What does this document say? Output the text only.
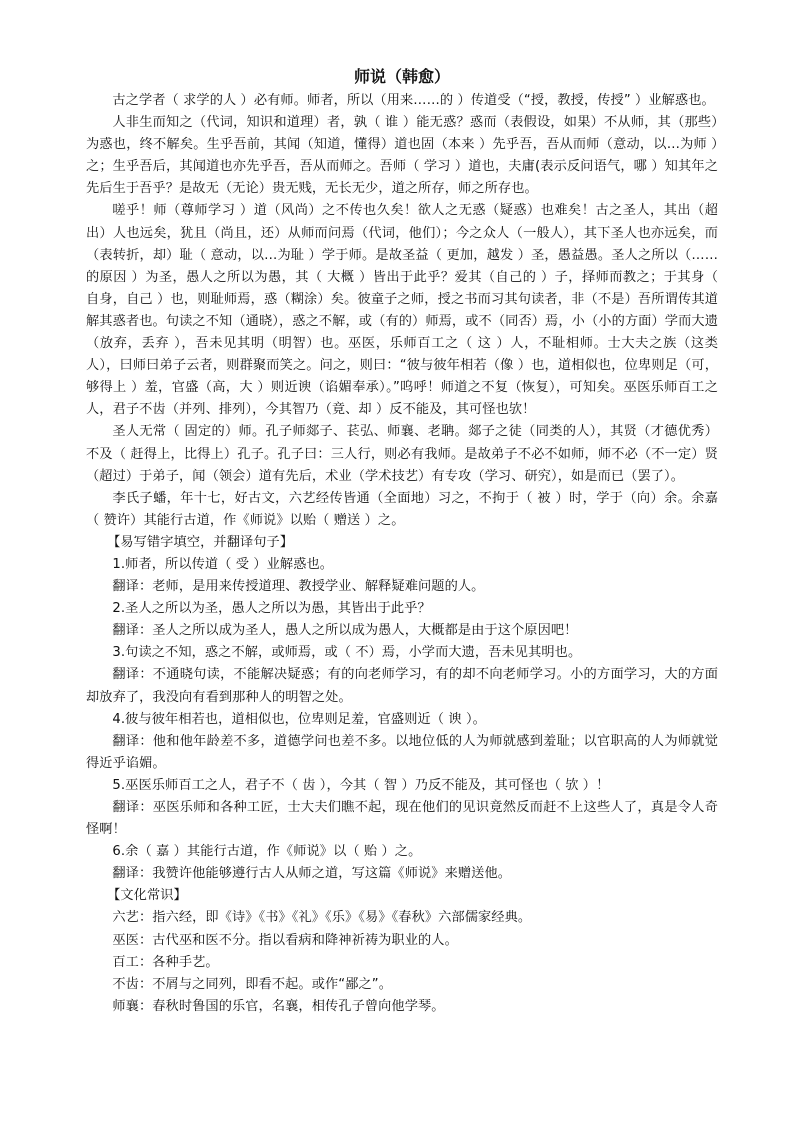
师说（韩愈）

古之学者（ 求学的人 ）必有师。师者，所以（用来……的 ）传道受（“授，教授，传授” ）业解惑也。

人非生而知之（代词，知识和道理）者，孰（ 谁 ）能无惑？惑而（表假设，如果）不从师，其（那些）为惑也，终不解矣。生乎吾前，其闻（知道，懂得）道也固（本来 ）先乎吾，吾从而师（意动，以…为师 ）之；生乎吾后，其闻道也亦先乎吾，吾从而师之。吾师（ 学习 ）道也，夫庸(表示反问语气，哪 ）知其年之先后生于吾乎？是故无（无论）贵无贱，无长无少，道之所存，师之所存也。

嗟乎！师（尊师学习 ）道（风尚）之不传也久矣！欲人之无惑（疑惑）也难矣！古之圣人，其出（超出）人也远矣，犹且（尚且，还）从师而问焉（代词，他们）；今之众人（一般人），其下圣人也亦远矣，而（表转折，却）耻（ 意动，以…为耻 ）学于师。是故圣益（ 更加，越发 ）圣，愚益愚。圣人之所以（……的原因 ）为圣，愚人之所以为愚，其（ 大概 ）皆出于此乎？爱其（自己的 ）子，择师而教之；于其身（ 自身，自己 ）也，则耻师焉，惑（糊涂）矣。彼童子之师，授之书而习其句读者，非（不是）吾所谓传其道解其惑者也。句读之不知（通晓），惑之不解，或（有的）师焉，或不（同否）焉，小（小的方面）学而大遗（放弃，丢弃 ），吾未见其明（明智）也。巫医，乐师百工之（ 这 ）人，不耻相师。士大夫之族（这类人），曰师曰弟子云者，则群聚而笑之。问之，则曰：“彼与彼年相若（像 ）也，道相似也，位卑则足（可，够得上 ）羞，官盛（高，大 ）则近谀（谄媚奉承）。”呜呼！师道之不复（恢复），可知矣。巫医乐师百工之人，君子不齿（并列、排列），今其智乃（竟、却 ）反不能及，其可怪也欤！

圣人无常（ 固定的）师。孔子师郯子、苌弘、师襄、老聃。郯子之徒（同类的人），其贤（才德优秀）不及（ 赶得上，比得上）孔子。孔子曰：三人行，则必有我师。是故弟子不必不如师，师不必（不一定）贤（超过）于弟子，闻（领会）道有先后，术业（学术技艺）有专攻（学习、研究），如是而已（罢了）。

李氏子蟠，年十七，好古文，六艺经传皆通（全面地）习之，不拘于（ 被 ）时，学于（向）余。余嘉（ 赞许）其能行古道，作《师说》以贻（ 赠送 ）之。

【易写错字填空，并翻译句子】

1.师者，所以传道（ 受 ）业解惑也。

翻译：老师，是用来传授道理、教授学业、解释疑难问题的人。

2.圣人之所以为圣，愚人之所以为愚，其皆出于此乎？

翻译：圣人之所以成为圣人，愚人之所以成为愚人，大概都是由于这个原因吧！

3.句读之不知，惑之不解，或师焉，或（ 不）焉，小学而大遗，吾未见其明也。

翻译：不通晓句读，不能解决疑惑；有的向老师学习，有的却不向老师学习。小的方面学习，大的方面却放弃了，我没向有看到那种人的明智之处。

4.彼与彼年相若也，道相似也，位卑则足羞，官盛则近（ 谀 ）。

翻译：他和他年龄差不多，道德学问也差不多。以地位低的人为师就感到羞耻；以官职高的人为师就觉得近乎谄媚。

5.巫医乐师百工之人，君子不（ 齿 ），今其（ 智 ）乃反不能及，其可怪也（ 欤 ）！

翻译：巫医乐师和各种工匠，士大夫们瞧不起，现在他们的见识竟然反而赶不上这些人了，真是令人奇怪啊！

6.余（ 嘉 ）其能行古道，作《师说》以（ 贻 ）之。

翻译：我赞许他能够遵行古人从师之道，写这篇《师说》来赠送他。

【文化常识】

六艺：指六经，即《诗》《书》《礼》《乐》《易》《春秋》六部儒家经典。

巫医：古代巫和医不分。指以看病和降神祈祷为职业的人。

百工：各种手艺。

不齿：不屑与之同列，即看不起。或作“鄙之”。

师襄：春秋时鲁国的乐官，名襄，相传孔子曾向他学琴。
